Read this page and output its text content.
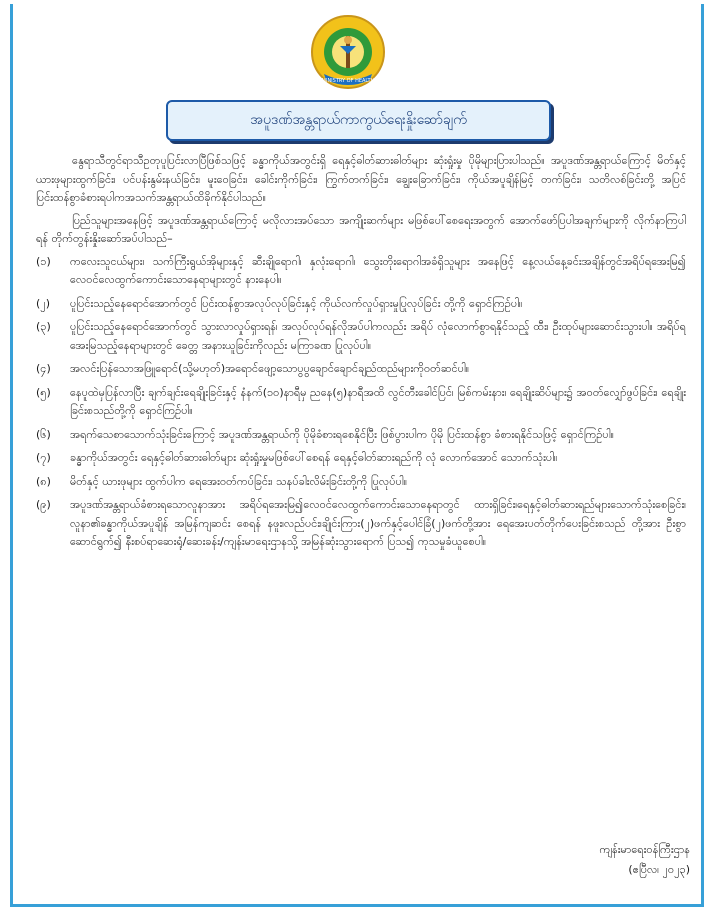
MINISTRY OF HEALTH
အပူဒဏ်အန္တရာယ်ကာကွယ်ရေးနှိုးဆော်ချက်

နွေရာသီတွင်ရာသီဥတုပူပြင်းလာပြီဖြစ်သဖြင့် ခန္ဓာကိုယ်အတွင်းရှိ ရေနှင့်ဓါတ်ဆားဓါတ်များ ဆုံးရှုံးမှု ပိုမိုများပြားပါသည်။ အပူဒဏ်အန္တရာယ်ကြောင့် မိတ်နှင့်ယားဖုများထွက်ခြင်း၊ ပင်ပန်းနွမ်းနယ်ခြင်း၊ မူးဝေခြင်း၊ ခေါင်းကိုက်ခြင်း၊ ကြွက်တက်ခြင်း၊ ချွေးခြောက်ခြင်း၊ ကိုယ်အပူချိန်မြင့် တက်ခြင်း၊ သတိလစ်ခြင်းတို့ အပြင် ပြင်းထန်စွာခံစားရပါကအသက်အန္တရာယ်ထိခိုက်နိုင်ပါသည်။

ပြည်သူများအနေဖြင့် အပူဒဏ်အန္တရာယ်ကြောင့် မလိုလားအပ်သော အကျိုးဆက်များ မဖြစ်ပေါ်စေရေးအတွက် အောက်ဖော်ပြပါအချက်များကို လိုက်နာကြပါရန် တိုက်တွန်းနှိုးဆော်အပ်ပါသည်–

(၁)	ကလေးသူငယ်များ၊ သက်ကြီးရွယ်အိုများနှင့် ဆီးချိုရောဂါ၊ နှလုံးရောဂါ၊ သွေးတိုးရောဂါအခံရှိသူများ အနေဖြင့် နေ့လယ်နေ့ခင်းအချိန်တွင်အရိပ်ရအေးမြ၍ လေဝင်လေထွက်ကောင်းသောနေရာများတွင် နားနေပါ။
(၂)	ပူပြင်းသည့်နေရောင်အောက်တွင် ပြင်းထန်စွာအလုပ်လုပ်ခြင်းနှင့် ကိုယ်လက်လှုပ်ရှားမှုပြုလုပ်ခြင်း တို့ကို ရှောင်ကြဉ်ပါ။
(၃)	ပူပြင်းသည့်နေရောင်အောက်တွင် သွားလာလှုပ်ရှားရန်၊ အလုပ်လုပ်ရန်လိုအပ်ပါကလည်း အရိပ် လုံလောက်စွာရနိုင်သည့် ထီး၊ ဦးထုပ်များဆောင်းသွားပါ။ အရိပ်ရအေးမြသည့်နေရာများတွင် ခေတ္တ အနားယူခြင်းကိုလည်း မကြာခဏ ပြုလုပ်ပါ။
(၄)	အလင်းပြန်သောအဖြူရောင်(သို့မဟုတ်)အရောင်ဖျော့သောပွပွချောင်ချောင်ချည်ထည်များကိုဝတ်ဆင်ပါ။
(၅)	နေပူထဲမှပြန်လာပြီး ချက်ချင်းရေချိုးခြင်းနှင့် နံနက်(၁၀)နာရီမှ ညနေ(၅)နာရီအထိ လွင်တီးခေါင်ပြင်၊ မြစ်ကမ်းနား၊ ရေချိုးဆိပ်များ၌ အဝတ်လျှော်ဖွပ်ခြင်း၊ ရေချိုးခြင်းစသည်တို့ကို ရှောင်ကြဉ်ပါ။
(၆)	အရက်သေစာသောက်သုံးခြင်းကြောင့် အပူဒဏ်အန္တရာယ်ကို ပိုမိုခံစားရစေနိုင်ပြီး ဖြစ်ပွားပါက ပိုမို ပြင်းထန်စွာ ခံစားရနိုင်သဖြင့် ရှောင်ကြဉ်ပါ။
(၇)	ခန္ဓာကိုယ်အတွင်း ရေနှင့်ဓါတ်ဆားဓါတ်များ ဆုံးရှုံးမှုမဖြစ်ပေါ်စေရန် ရေနှင့်ဓါတ်ဆားရည်ကို လုံ လောက်အောင် သောက်သုံးပါ။
(၈)	မိတ်နှင့် ယားဖုများ ထွက်ပါက ရေအေးဝတ်ကပ်ခြင်း၊ သနပ်ခါးလိမ်းခြင်းတို့ကို ပြုလုပ်ပါ။
(၉)	အပူဒဏ်အန္တရာယ်ခံစားရသောလူနာအား အရိပ်ရအေးမြ၍လေဝင်လေထွက်ကောင်းသောနေရာတွင် ထားရှိခြင်း၊ရေနှင့်ဓါတ်ဆားရည်များသောက်သုံးစေခြင်း၊ လူနာ၏ခန္ဓာကိုယ်အပူချိန် အမြန်ကျဆင်း စေရန် နဖူး၊လည်ပင်း၊ချိုင်းကြား(၂)ဖက်နှင့်ပေါင်ခြံ(၂)ဖက်တို့အား ရေအေးပတ်တိုက်ပေးခြင်းစသည် တို့အား ဦးစွာဆောင်ရွက်၍ နီးစပ်ရာဆေးရုံ/ဆေးခန်း/ကျန်းမာရေးဌာနသို့ အမြန်ဆုံးသွားရောက် ပြသ၍ ကုသမှုခံယူစေပါ။
ကျန်းမာရေးဝန်ကြီးဌာန
(ဧပြီလ၊ ၂၀၂၃)
